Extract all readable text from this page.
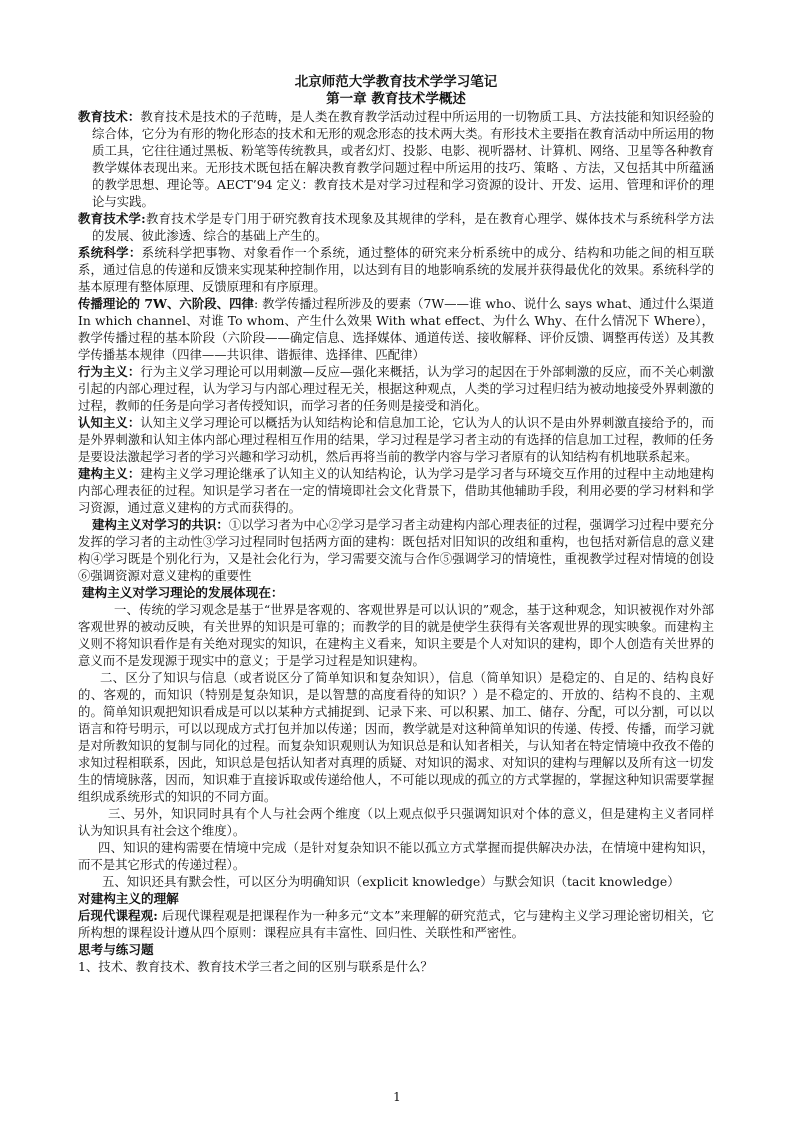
北京师范大学教育技术学学习笔记

第一章 教育技术学概述

教育技术：教育技术是技术的子范畴，是人类在教育教学活动过程中所运用的一切物质工具、方法技能和知识经验的综合体，它分为有形的物化形态的技术和无形的观念形态的技术两大类。有形技术主要指在教育活动中所运用的物质工具，它往往通过黑板、粉笔等传统教具，或者幻灯、投影、电影、视听器材、计算机、网络、卫星等各种教育教学媒体表现出来。无形技术既包括在解决教育教学问题过程中所运用的技巧、策略 、方法，又包括其中所蕴涵的教学思想、理论等。AECT’94 定义：教育技术是对学习过程和学习资源的设计、开发、运用、管理和评价的理论与实践。

教育技术学:教育技术学是专门用于研究教育技术现象及其规律的学科，是在教育心理学、媒体技术与系统科学方法的发展、彼此渗透、综合的基础上产生的。

系统科学：系统科学把事物、对象看作一个系统，通过整体的研究来分析系统中的成分、结构和功能之间的相互联系，通过信息的传递和反馈来实现某种控制作用，以达到有目的地影响系统的发展并获得最优化的效果。系统科学的基本原理有整体原理、反馈原理和有序原理。

传播理论的 7W、六阶段、四律: 教学传播过程所涉及的要素（7W——谁 who、说什么 says what、通过什么渠道 In which channel、对谁 To whom、产生什么效果 With what effect、为什么 Why、在什么情况下 Where），教学传播过程的基本阶段（六阶段——确定信息、选择媒体、通道传送、接收解释、评价反馈、调整再传送）及其教学传播基本规律（四律——共识律、谐振律、选择律、匹配律）

行为主义：行为主义学习理论可以用刺激—反应—强化来概括，认为学习的起因在于外部刺激的反应，而不关心刺激引起的内部心理过程，认为学习与内部心理过程无关，根据这种观点，人类的学习过程归结为被动地接受外界刺激的过程，教师的任务是向学习者传授知识，而学习者的任务则是接受和消化。

认知主义：认知主义学习理论可以概括为认知结构论和信息加工论，它认为人的认识不是由外界刺激直接给予的，而是外界刺激和认知主体内部心理过程相互作用的结果，学习过程是学习者主动的有选择的信息加工过程，教师的任务是要设法激起学习者的学习兴趣和学习动机，然后再将当前的教学内容与学习者原有的认知结构有机地联系起来。

建构主义：建构主义学习理论继承了认知主义的认知结构论，认为学习是学习者与环境交互作用的过程中主动地建构内部心理表征的过程。知识是学习者在一定的情境即社会文化背景下，借助其他辅助手段，利用必要的学习材料和学习资源，通过意义建构的方式而获得的。

建构主义对学习的共识：①以学习者为中心②学习是学习者主动建构内部心理表征的过程，强调学习过程中要充分发挥的学习者的主动性③学习过程同时包括两方面的建构：既包括对旧知识的改组和重构，也包括对新信息的意义建构④学习既是个别化行为，又是社会化行为，学习需要交流与合作⑤强调学习的情境性，重视教学过程对情境的创设⑥强调资源对意义建构的重要性

建构主义对学习理论的发展体现在：

一、传统的学习观念是基于“世界是客观的、客观世界是可以认识的”观念，基于这种观念，知识被视作对外部客观世界的被动反映，有关世界的知识是可靠的；而教学的目的就是使学生获得有关客观世界的现实映象。而建构主义则不将知识看作是有关绝对现实的知识，在建构主义看来，知识主要是个人对知识的建构，即个人创造有关世界的意义而不是发现源于现实中的意义；于是学习过程是知识建构。

二、区分了知识与信息（或者说区分了简单知识和复杂知识），信息（简单知识）是稳定的、自足的、结构良好的、客观的，而知识（特别是复杂知识，是以智慧的高度看待的知识？）是不稳定的、开放的、结构不良的、主观的。简单知识观把知识看成是可以以某种方式捕捉到、记录下来、可以积累、加工、储存、分配，可以分割，可以以语言和符号明示，可以以现成方式打包并加以传递；因而，教学就是对这种简单知识的传递、传授、传播，而学习就是对所教知识的复制与同化的过程。而复杂知识观则认为知识总是和认知者相关，与认知者在特定情境中孜孜不倦的求知过程相联系，因此，知识总是包括认知者对真理的质疑、对知识的渴求、对知识的建构与理解以及所有这一切发生的情境脉落，因而，知识难于直接诉取或传递给他人，不可能以现成的孤立的方式掌握的，掌握这种知识需要掌握组织成系统形式的知识的不同方面。

三、另外，知识同时具有个人与社会两个维度（以上观点似乎只强调知识对个体的意义，但是建构主义者同样认为知识具有社会这个维度）。

四、知识的建构需要在情境中完成（是针对复杂知识不能以孤立方式掌握而提供解决办法，在情境中建构知识，而不是其它形式的传递过程）。

五、知识还具有默会性，可以区分为明确知识（explicit knowledge）与默会知识（tacit knowledge）

对建构主义的理解

后现代课程观: 后现代课程观是把课程作为一种多元“文本”来理解的研究范式，它与建构主义学习理论密切相关，它所构想的课程设计遵从四个原则：课程应具有丰富性、回归性、关联性和严密性。

思考与练习题

1、技术、教育技术、教育技术学三者之间的区别与联系是什么？

1
